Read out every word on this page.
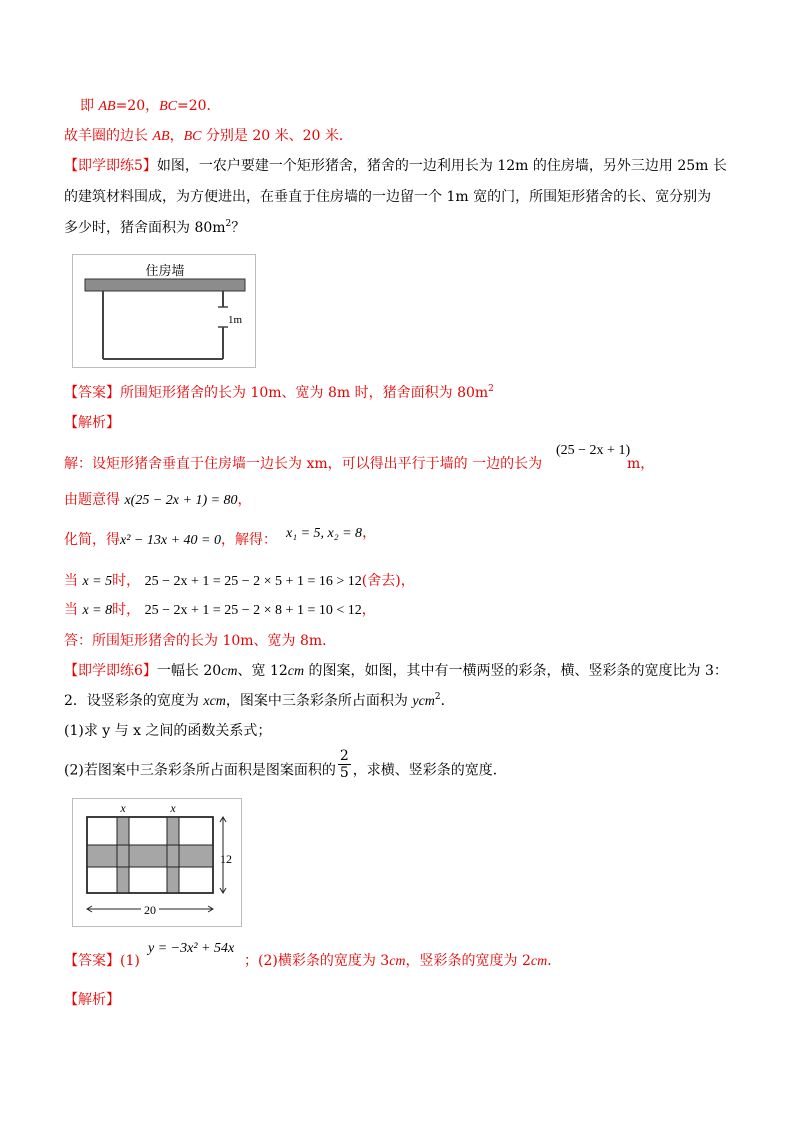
即 AB=20，BC=20．
故羊圈的边长 AB，BC 分别是 20 米、20 米．
【即学即练5】如图，一农户要建一个矩形猪舍，猪舍的一边利用长为 12m 的住房墙，另外三边用 25m 长
的建筑材料围成，为方便进出，在垂直于住房墙的一边留一个 1m 宽的门，所围矩形猪舍的长、宽分别为
多少时，猪舍面积为 $80m^2$？
住房墙
1m
【答案】所围矩形猪舍的长为 10m、宽为 8m 时，猪舍面积为 $80m^2$
【解析】
解：设矩形猪舍垂直于住房墙一边长为 xm，可以得出平行于墙的 一边的长为
(25 − 2x + 1)
m，
由题意得 x(25 − 2x + 1) = 80，
化简，得x² − 13x + 40 = 0，解得： x₁ = 5, x₂ = 8，
当 x = 5时， 25 − 2x + 1 = 25 − 2 × 5 + 1 = 16 > 12(舍去)，
当 x = 8时， 25 − 2x + 1 = 25 − 2 × 8 + 1 = 10 < 12，
答：所围矩形猪舍的长为 10m、宽为 8m．
【即学即练6】一幅长 20cm、宽 12cm 的图案，如图，其中有一横两竖的彩条，横、竖彩条的宽度比为 3：
2．设竖彩条的宽度为 xcm，图案中三条彩条所占面积为 ycm$^2$．
(1)求 y 与 x 之间的函数关系式；
(2)若图案中三条彩条所占面积是图案面积的 $\frac{2}{5}$ ，求横、竖彩条的宽度．
x	x
12
20
【答案】(1)
y = −3x² + 54x
；(2)横彩条的宽度为 3cm，竖彩条的宽度为 2cm．
【解析】
